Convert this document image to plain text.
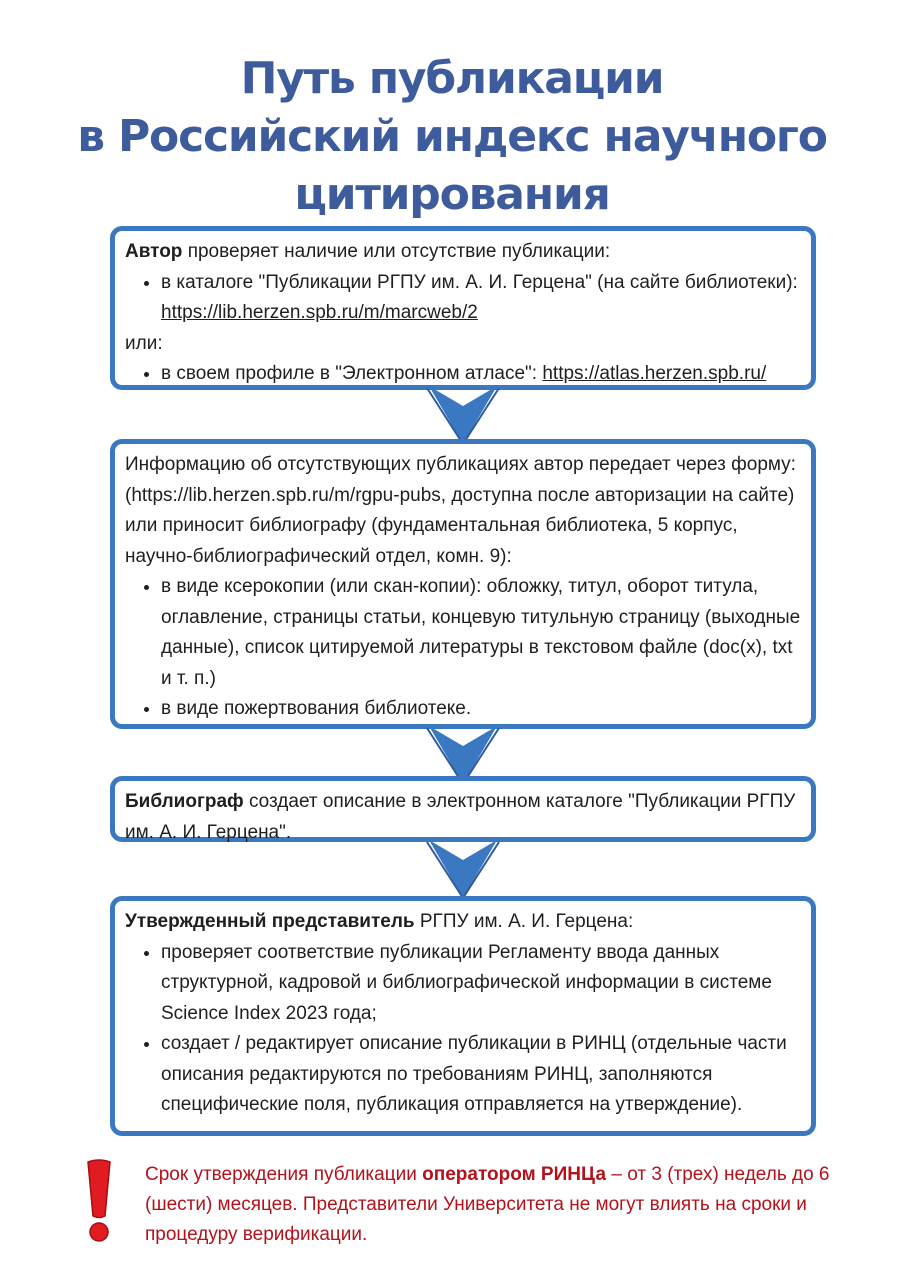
Путь публикации
в Российский индекс научного
цитирования

Автор проверяет наличие или отсутствие публикации:

• в каталоге "Публикации РГПУ им. А. И. Герцена" (на сайте библиотеки): https://lib.herzen.spb.ru/m/marcweb/2

или:

• в своем профиле в "Электронном атласе": https://atlas.herzen.spb.ru/

Информацию об отсутствующих публикациях автор передает через форму: (https://lib.herzen.spb.ru/m/rgpu-pubs, доступна после авторизации на сайте) или приносит библиографу (фундаментальная библиотека, 5 корпус, научно-библиографический отдел, комн. 9):

• в виде ксерокопии (или скан-копии): обложку, титул, оборот титула, оглавление, страницы статьи, концевую титульную страницу (выходные данные), список цитируемой литературы в текстовом файле (doc(x), txt и т. п.)
• в виде пожертвования библиотеке.

Библиограф создает описание в электронном каталоге "Публикации РГПУ им. А. И. Герцена".

Утвержденный представитель РГПУ им. А. И. Герцена:

• проверяет соответствие публикации Регламенту ввода данных структурной, кадровой и библиографической информации в системе Science Index 2023 года;
• создает / редактирует описание публикации в РИНЦ (отдельные части описания редактируются по требованиям РИНЦ, заполняются специфические поля, публикация отправляется на утверждение).
Срок утверждения публикации оператором РИНЦа – от 3 (трех) недель до 6 (шести) месяцев. Представители Университета не могут влиять на сроки и процедуру верификации.
